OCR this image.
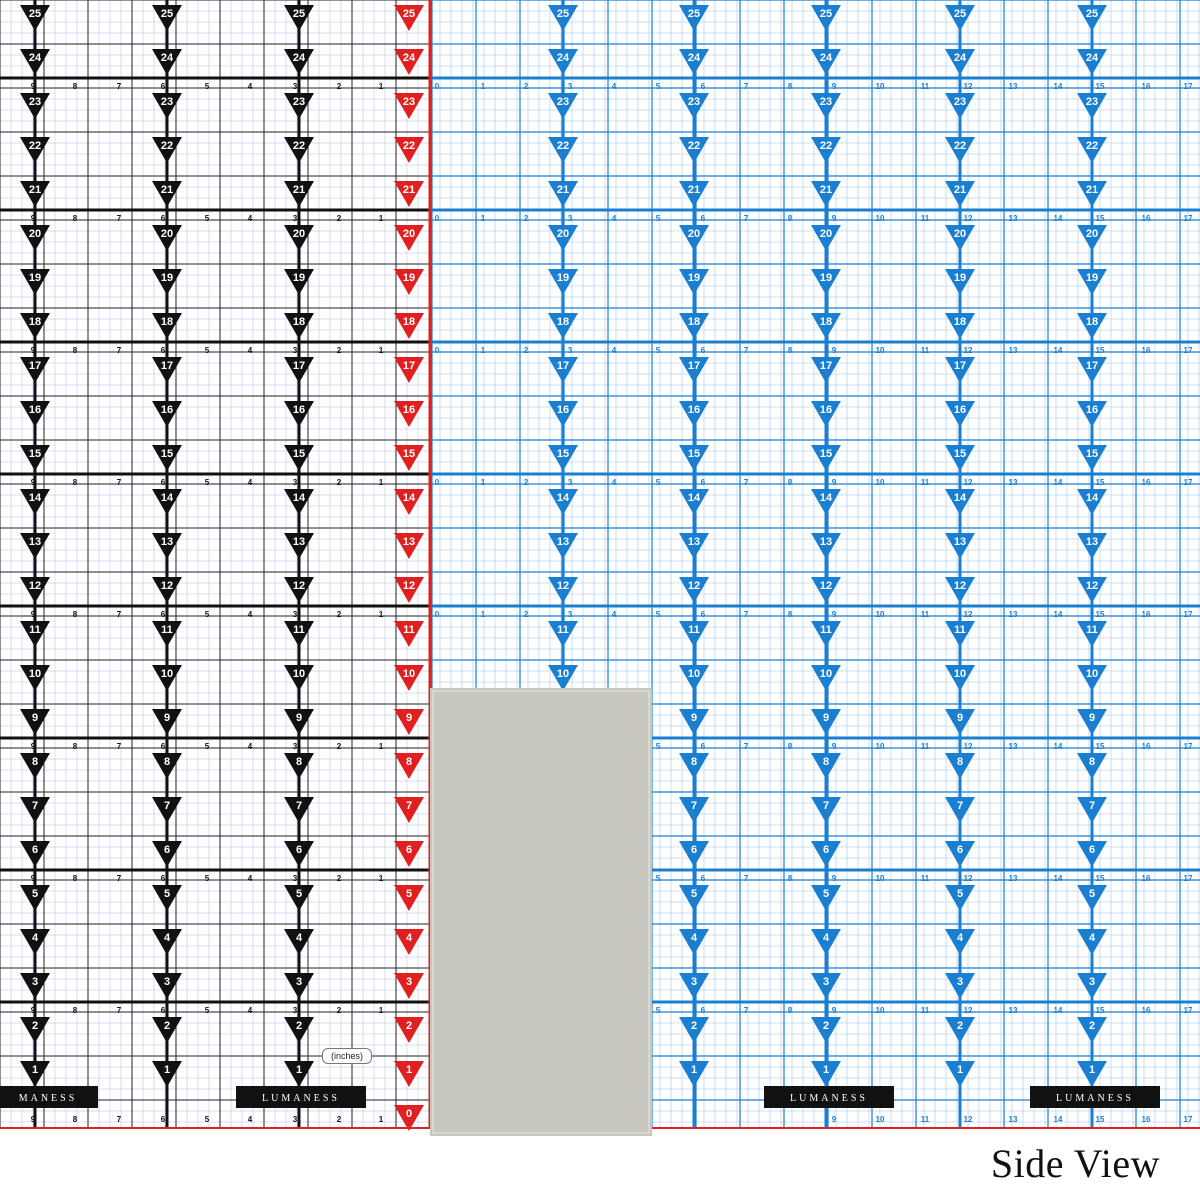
9	8	7	6	5	4	3	2	1	0	1	2	3	4	5	6	7	8	9	10	11	12	13	14	15	16	17
9	8	7	6	5	4	3	2	1	0	1	2	3	4	5	6	7	8	9	10	11	12	13	14	15	16	17
9	8	7	6	5	4	3	2	1	0	1	2	3	4	5	6	7	8	9	10	11	12	13	14	15	16	17
9	8	7	6	5	4	3	2	1	0	1	2	3	4	5	6	7	8	9	10	11	12	13	14	15	16	17
9	8	7	6	5	4	3	2	1	0	1	2	3	4	5	6	7	8	9	10	11	12	13	14	15	16	17
9	8	7	6	5	4	3	2	1	5	6	7	8	9	10	11	12	13	14	15	16	17
9	8	7	6	5	4	3	2	1	5	6	7	8	9	10	11	12	13	14	15	16	17
9	8	7	6	5	4	3	2	1	5	6	7	8	9	10	11	12	13	14	15	16	17
9	8	7	6	5	4	3	2	1	9	10	11	12	13	14	15	16	17
25
24
23
22
21
20
19
18
17
16
15
14
13
12
11
10
9
8
7
6
5
4
3
2
1
25
24
23
22
21
20
19
18
17
16
15
14
13
12
11
10
9
8
7
6
5
4
3
2
1
25
24
23
22
21
20
19
18
17
16
15
14
13
12
11
10
9
8
7
6
5
4
3
2
1
25
24
23
22
21
20
19
18
17
16
15
14
13
12
11
10
9
8
7
6
5
4
3
2
1
0
25
24
23
22
21
20
19
18
17
16
15
14
13
12
11
10
25
24
23
22
21
20
19
18
17
16
15
14
13
12
11
10
9
8
7
6
5
4
3
2
1
25
24
23
22
21
20
19
18
17
16
15
14
13
12
11
10
9
8
7
6
5
4
3
2
1
25
24
23
22
21
20
19
18
17
16
15
14
13
12
11
10
9
8
7
6
5
4
3
2
1
25
24
23
22
21
20
19
18
17
16
15
14
13
12
11
10
9
8
7
6
5
4
3
2
1
MANESS	LUMANESS	LUMANESS	LUMANESS
(inches)
Side View
